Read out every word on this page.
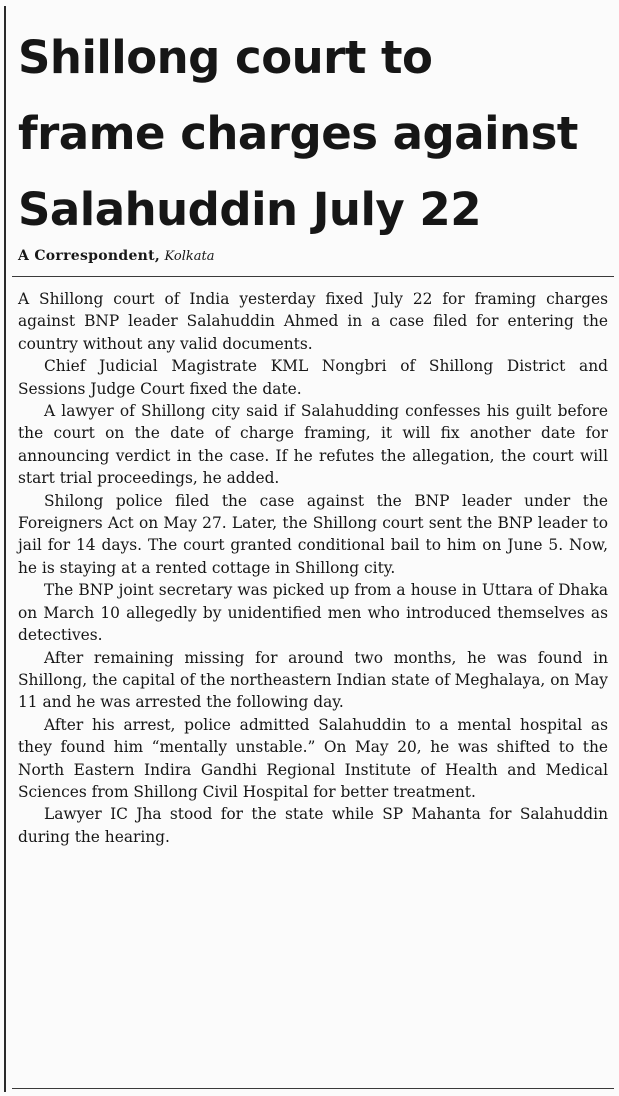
Shillong court to
frame charges against
Salahuddin July 22
A Correspondent, Kolkata

A Shillong court of India yesterday fixed July 22 for framing charges against BNP leader Salahuddin Ahmed in a case filed for entering the country without any valid documents.

Chief Judicial Magistrate KML Nongbri of Shillong District and Sessions Judge Court fixed the date.

A lawyer of Shillong city said if Salahudding confesses his guilt before the court on the date of charge framing, it will fix another date for announcing verdict in the case. If he refutes the allegation, the court will start trial proceedings, he added.

Shilong police filed the case against the BNP leader under the Foreigners Act on May 27. Later, the Shillong court sent the BNP leader to jail for 14 days. The court granted conditional bail to him on June 5. Now, he is staying at a rented cottage in Shillong city.

The BNP joint secretary was picked up from a house in Uttara of Dhaka on March 10 allegedly by unidentified men who introduced themselves as detectives.

After remaining missing for around two months, he was found in Shillong, the capital of the northeastern Indian state of Meghalaya, on May 11 and he was arrested the following day.

After his arrest, police admitted Salahuddin to a mental hospital as they found him “mentally unstable.” On May 20, he was shifted to the North Eastern Indira Gandhi Regional Institute of Health and Medical Sciences from Shillong Civil Hospital for better treatment.

Lawyer IC Jha stood for the state while SP Mahanta for Salahuddin during the hearing.
